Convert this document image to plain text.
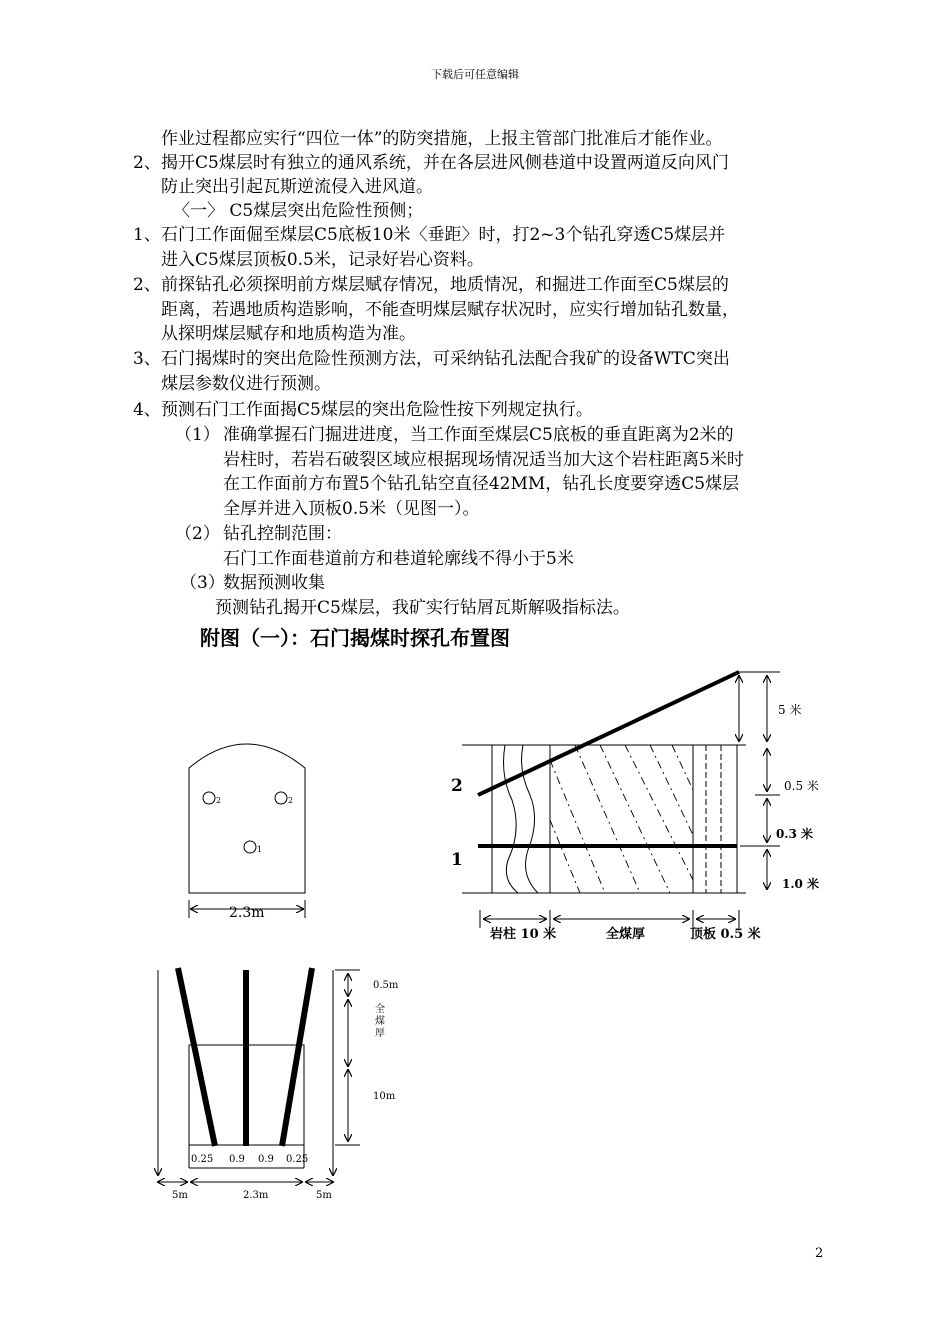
下载后可任意编辑
作业过程都应实行“四位一体”的防突措施，上报主管部门批准后才能作业。
2、 揭开C5煤层时有独立的通风系统，并在各层进风侧巷道中设置两道反向风门
防止突出引起瓦斯逆流侵入进风道。
〈一〉 C5煤层突出危险性预侧；
1、 石门工作面倔至煤层C5底板10米〈垂距〉时，打2~3个钻孔穿透C5煤层并
进入C5煤层顶板0.5米，记录好岩心资料。
2、 前探钻孔必须探明前方煤层赋存情况，地质情况，和掘进工作面至C5煤层的
距离，若遇地质构造影响，不能查明煤层赋存状况时，应实行增加钻孔数量，
从探明煤层赋存和地质构造为准。
3、 石门揭煤时的突出危险性预测方法，可采纳钻孔法配合我矿的设备WTC突出
煤层参数仪进行预测。
4、 预测石门工作面揭C5煤层的突出危险性按下列规定执行。
（1） 准确掌握石门掘进进度，当工作面至煤层C5底板的垂直距离为2米的
岩柱时，若岩石破裂区域应根据现场情况适当加大这个岩柱距离5米时
在工作面前方布置5个钻孔钻空直径42MM，钻孔长度要穿透C5煤层
全厚并进入顶板0.5米（见图一）。
（2） 钻孔控制范围：
石门工作面巷道前方和巷道轮廓线不得小于5米
（3）
数据预测收集
预测钻孔揭开C5煤层，我矿实行钻屑瓦斯解吸指标法。
附图（一）：石门揭煤时探孔布置图
2	2
1
2.3m
2
1
5 米
0.5 米
0.3 米
1.0 米
岩柱 10 米	全煤厚	顶板 0.5 米
0.25 0.9 0.9 0.25
5m	2.3m	5m
0.5m
全
煤
厚
10m
2
